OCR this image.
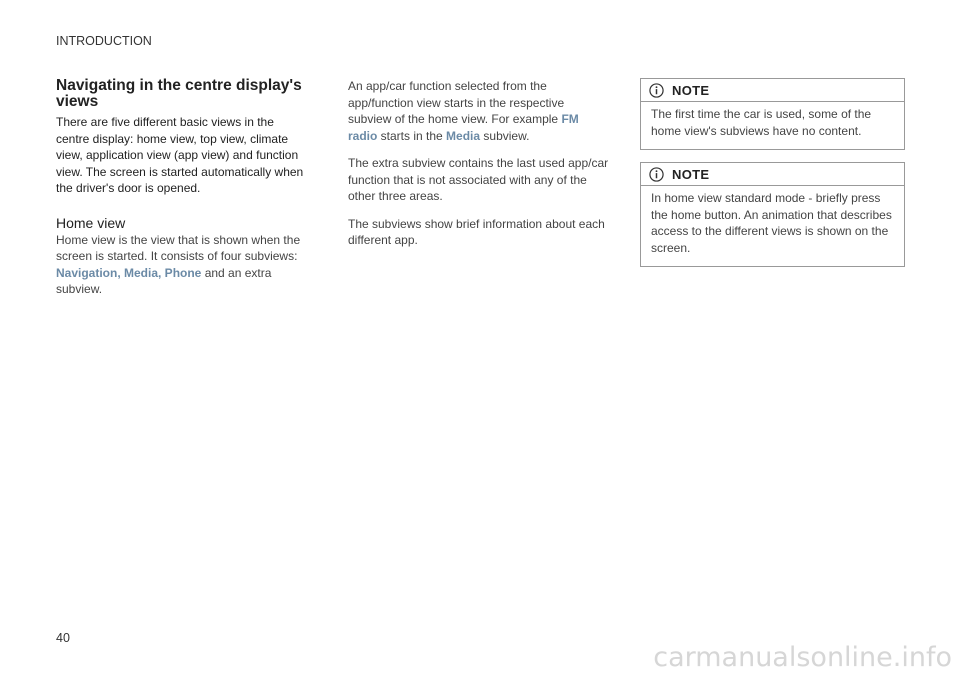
INTRODUCTION
Navigating in the centre display's views

There are five different basic views in the centre display: home view, top view, climate view, application view (app view) and function view. The screen is started automatically when the driver's door is opened.

Home view

Home view is the view that is shown when the screen is started. It consists of four subviews: Navigation, Media, Phone and an extra subview.

An app/car function selected from the app/function view starts in the respective subview of the home view. For example FM radio starts in the Media subview.

The extra subview contains the last used app/car function that is not associated with any of the other three areas.

The subviews show brief information about each different app.

NOTE
The first time the car is used, some of the home view's subviews have no content.
NOTE
In home view standard mode - briefly press the home button. An animation that describes access to the different views is shown on the screen.
40
carmanualsonline.info
